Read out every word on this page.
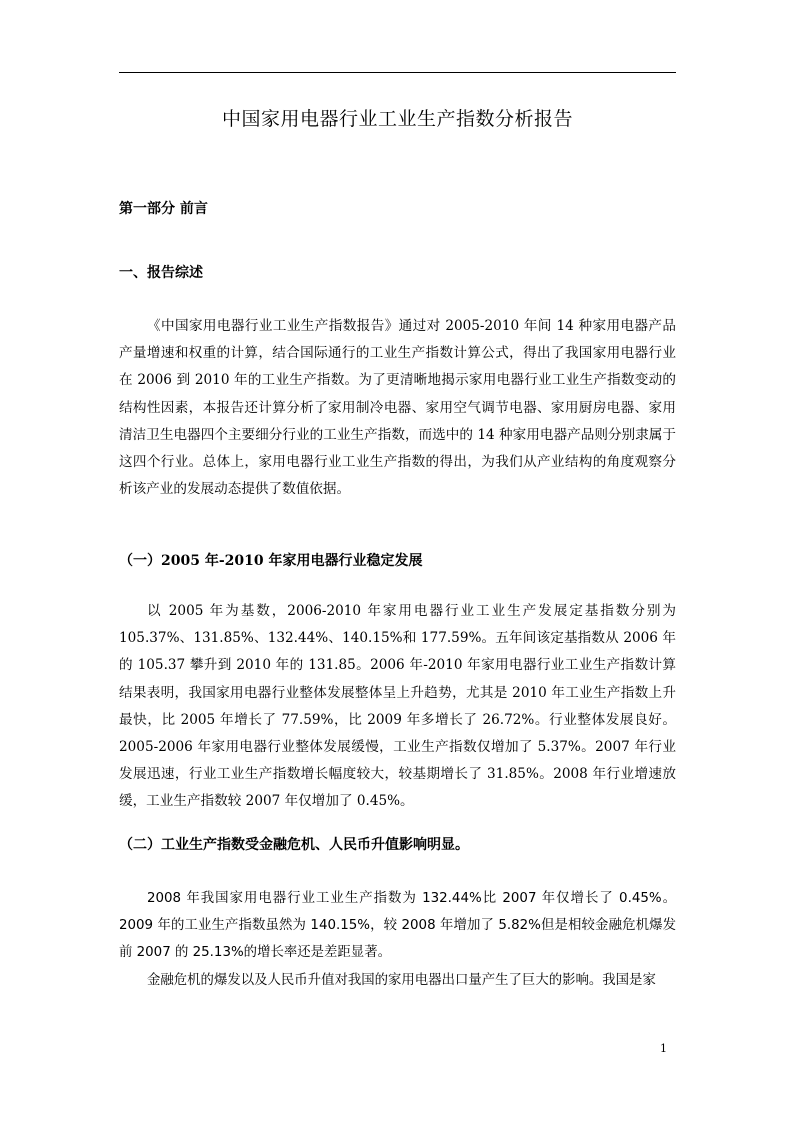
中国家用电器行业工业生产指数分析报告
第一部分 前言
一、报告综述
《中国家用电器行业工业生产指数报告》通过对 2005-2010 年间 14 种家用电器产品产量增速和权重的计算，结合国际通行的工业生产指数计算公式，得出了我国家用电器行业在 2006 到 2010 年的工业生产指数。为了更清晰地揭示家用电器行业工业生产指数变动的结构性因素，本报告还计算分析了家用制冷电器、家用空气调节电器、家用厨房电器、家用清洁卫生电器四个主要细分行业的工业生产指数，而选中的 14 种家用电器产品则分别隶属于这四个行业。总体上，家用电器行业工业生产指数的得出，为我们从产业结构的角度观察分析该产业的发展动态提供了数值依据。
（一）2005 年-2010 年家用电器行业稳定发展
以 2005 年为基数，2006-2010 年家用电器行业工业生产发展定基指数分别为 105.37%、131.85%、132.44%、140.15%和 177.59%。五年间该定基指数从 2006 年的 105.37 攀升到 2010 年的 131.85。2006 年-2010 年家用电器行业工业生产指数计算结果表明，我国家用电器行业整体发展整体呈上升趋势，尤其是 2010 年工业生产指数上升最快，比 2005 年增长了 77.59%，比 2009 年多增长了 26.72%。行业整体发展良好。2005-2006 年家用电器行业整体发展缓慢，工业生产指数仅增加了 5.37%。2007 年行业发展迅速，行业工业生产指数增长幅度较大，较基期增长了 31.85%。2008 年行业增速放缓，工业生产指数较 2007 年仅增加了 0.45%。
（二）工业生产指数受金融危机、人民币升值影响明显。
2008 年我国家用电器行业工业生产指数为 132.44%比 2007 年仅增长了 0.45%。2009 年的工业生产指数虽然为 140.15%，较 2008 年增加了 5.82%但是相较金融危机爆发前 2007 的 25.13%的增长率还是差距显著。
金融危机的爆发以及人民币升值对我国的家用电器出口量产生了巨大的影响。我国是家
1
